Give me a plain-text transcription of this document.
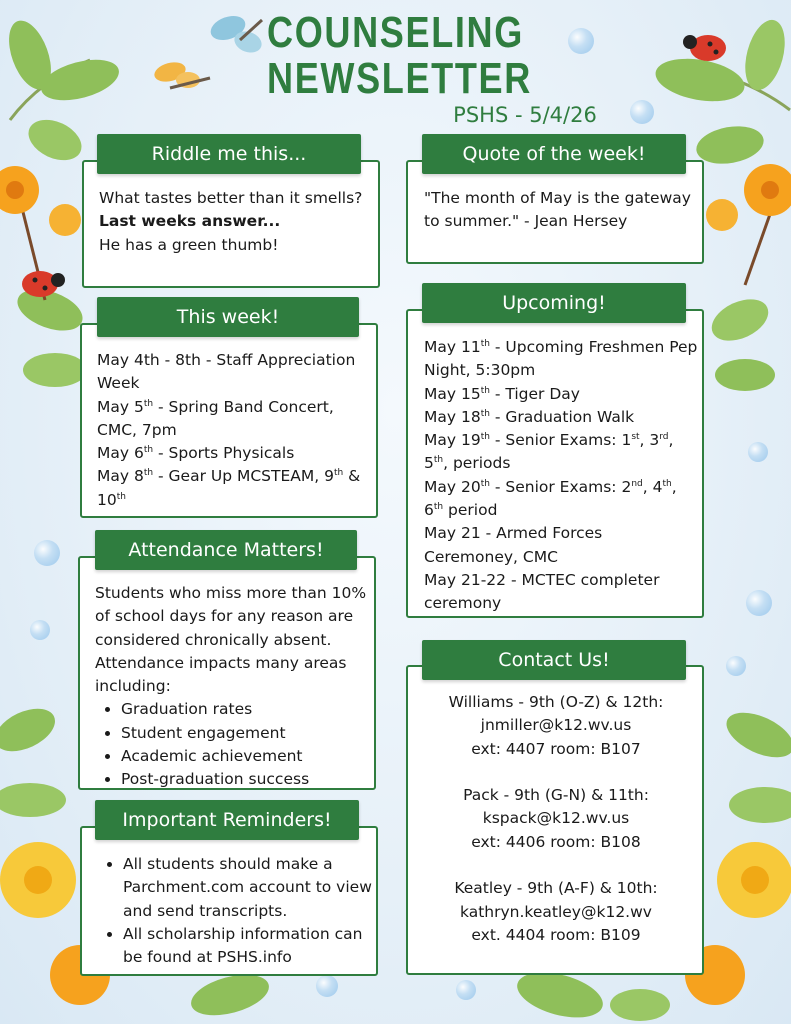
COUNSELING
NEWSLETTER
PSHS - 5/4/26

What tastes better than it smells?

Last weeks answer...

He has a green thumb!

Riddle me this...

"The month of May is the gateway to summer." - Jean Hersey

Quote of the week!

May 4th - 8th - Staff Appreciation Week

May 5th - Spring Band Concert, CMC, 7pm

May 6th - Sports Physicals

May 8th - Gear Up MCSTEAM, 9th & 10th

This week!

May 11th - Upcoming Freshmen Pep Night, 5:30pm

May 15th - Tiger Day

May 18th - Graduation Walk

May 19th - Senior Exams: 1st, 3rd, 5th, periods

May 20th - Senior Exams: 2nd, 4th, 6th period

May 21 - Armed Forces Ceremoney, CMC

May 21-22 - MCTEC completer ceremony

Upcoming!

Students who miss more than 10% of school days for any reason are considered chronically absent. Attendance impacts many areas including:

• Graduation rates
• Student engagement
• Academic achievement
• Post-graduation success
Attendance Matters!
• All students should make a Parchment.com account to view and send transcripts.
• All scholarship information can be found at PSHS.info
Important Reminders!
Williams - 9th (O-Z) & 12th:
jnmiller@k12.wv.us
ext: 4407 room: B107
Pack - 9th (G-N) & 11th:
kspack@k12.wv.us
ext: 4406 room: B108
Keatley - 9th (A-F) & 10th:
kathryn.keatley@k12.wv
ext. 4404 room: B109
Contact Us!
